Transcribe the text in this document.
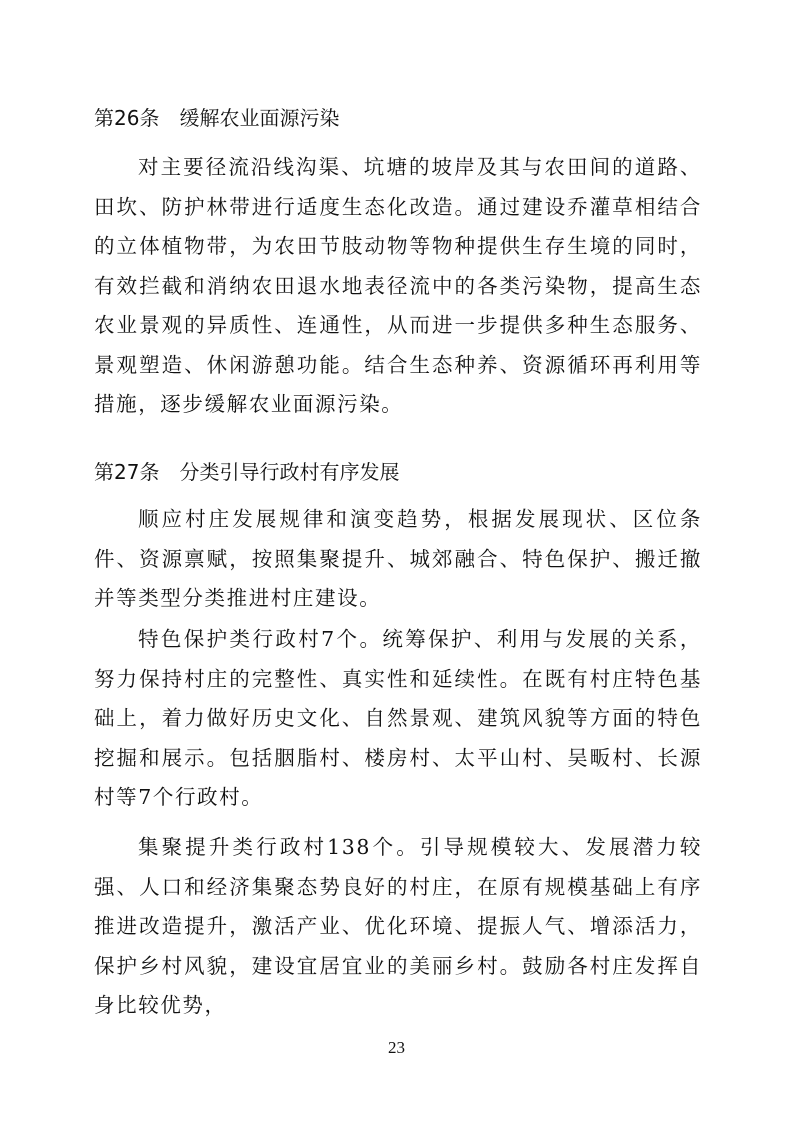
第26条 缓解农业面源污染

对主要径流沿线沟渠、坑塘的坡岸及其与农田间的道路、田坎、防护林带进行适度生态化改造。通过建设乔灌草相结合的立体植物带，为农田节肢动物等物种提供生存生境的同时，有效拦截和消纳农田退水地表径流中的各类污染物，提高生态农业景观的异质性、连通性，从而进一步提供多种生态服务、景观塑造、休闲游憩功能。结合生态种养、资源循环再利用等措施，逐步缓解农业面源污染。

第27条 分类引导行政村有序发展

顺应村庄发展规律和演变趋势，根据发展现状、区位条件、资源禀赋，按照集聚提升、城郊融合、特色保护、搬迁撤并等类型分类推进村庄建设。

特色保护类行政村7个。统筹保护、利用与发展的关系，努力保持村庄的完整性、真实性和延续性。在既有村庄特色基础上，着力做好历史文化、自然景观、建筑风貌等方面的特色挖掘和展示。包括胭脂村、楼房村、太平山村、吴畈村、长源村等7个行政村。

集聚提升类行政村138个。引导规模较大、发展潜力较强、人口和经济集聚态势良好的村庄，在原有规模基础上有序推进改造提升，激活产业、优化环境、提振人气、增添活力，保护乡村风貌，建设宜居宜业的美丽乡村。鼓励各村庄发挥自身比较优势，

23
